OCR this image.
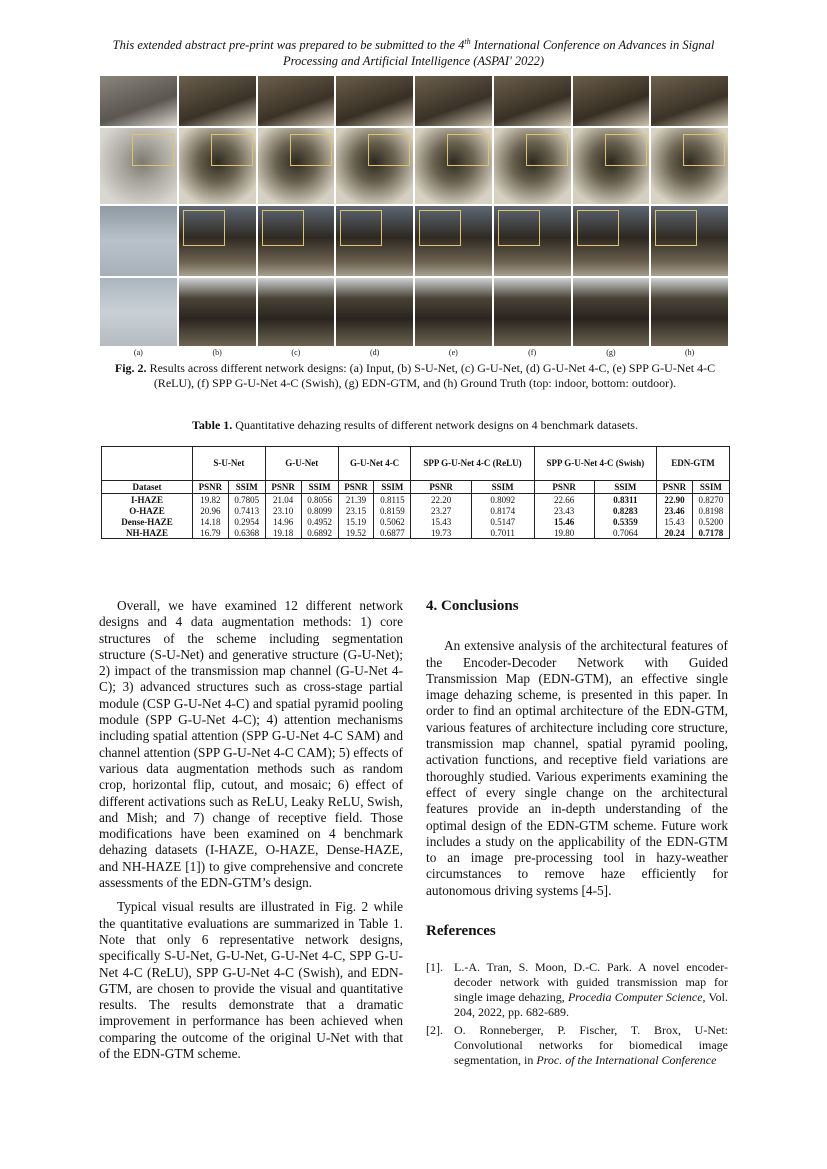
This extended abstract pre-print was prepared to be submitted to the 4th International Conference on Advances in Signal
Processing and Artificial Intelligence (ASPAI' 2022)
(a)	(b)	(c)	(d)	(e)	(f)	(g)	(h)
Fig. 2. Results across different network designs: (a) Input, (b) S-U-Net, (c) G-U-Net, (d) G-U-Net 4-C, (e) SPP G-U-Net 4-C (ReLU), (f) SPP G-U-Net 4-C (Swish), (g) EDN-GTM, and (h) Ground Truth (top: indoor, bottom: outdoor).
Table 1. Quantitative dehazing results of different network designs on 4 benchmark datasets.
	S-U-Net		G-U-Net		G-U-Net 4-C		SPP G-U-Net 4-C (ReLU)		SPP G-U-Net 4-C (Swish)		EDN-GTM	
Dataset	PSNR	SSIM	PSNR	SSIM	PSNR	SSIM	PSNR	SSIM	PSNR	SSIM	PSNR	SSIM
I-HAZE	19.82	0.7805	21.04	0.8056	21.39	0.8115	22.20	0.8092	22.66	0.8311	22.90	0.8270
O-HAZE	20.96	0.7413	23.10	0.8099	23.15	0.8159	23.27	0.8174	23.43	0.8283	23.46	0.8198
Dense-HAZE	14.18	0.2954	14.96	0.4952	15.19	0.5062	15.43	0.5147	15.46	0.5359	15.43	0.5200
NH-HAZE	16.79	0.6368	19.18	0.6892	19.52	0.6877	19.73	0.7011	19.80	0.7064	20.24	0.7178

Overall, we have examined 12 different network designs and 4 data augmentation methods: 1) core structures of the scheme including segmentation structure (S-U-Net) and generative structure (G-U-Net); 2) impact of the transmission map channel (G-U-Net 4-C); 3) advanced structures such as cross-stage partial module (CSP G-U-Net 4-C) and spatial pyramid pooling module (SPP G-U-Net 4-C); 4) attention mechanisms including spatial attention (SPP G-U-Net 4-C SAM) and channel attention (SPP G-U-Net 4-C CAM); 5) effects of various data augmentation methods such as random crop, horizontal flip, cutout, and mosaic; 6) effect of different activations such as ReLU, Leaky ReLU, Swish, and Mish; and 7) change of receptive field. Those modifications have been examined on 4 benchmark dehazing datasets (I-HAZE, O-HAZE, Dense-HAZE, and NH-HAZE [1]) to give comprehensive and concrete assessments of the EDN-GTM’s design.

Typical visual results are illustrated in Fig. 2 while the quantitative evaluations are summarized in Table 1. Note that only 6 representative network designs, specifically S-U-Net, G-U-Net, G-U-Net 4-C, SPP G-U-Net 4-C (ReLU), SPP G-U-Net 4-C (Swish), and EDN-GTM, are chosen to provide the visual and quantitative results. The results demonstrate that a dramatic improvement in performance has been achieved when comparing the outcome of the original U-Net with that of the EDN-GTM scheme.

4. Conclusions

An extensive analysis of the architectural features of the Encoder-Decoder Network with Guided Transmission Map (EDN-GTM), an effective single image dehazing scheme, is presented in this paper. In order to find an optimal architecture of the EDN-GTM, various features of architecture including core structure, transmission map channel, spatial pyramid pooling, activation functions, and receptive field variations are thoroughly studied. Various experiments examining the effect of every single change on the architectural features provide an in-depth understanding of the optimal design of the EDN-GTM scheme. Future work includes a study on the applicability of the EDN-GTM to an image pre-processing tool in hazy-weather circumstances to remove haze efficiently for autonomous driving systems [4-5].

References
[1]. L.-A. Tran, S. Moon, D.-C. Park. A novel encoder-decoder network with guided transmission map for single image dehazing, Procedia Computer Science, Vol. 204, 2022, pp. 682-689.
[2]. O. Ronneberger, P. Fischer, T. Brox, U-Net: Convolutional networks for biomedical image segmentation, in Proc. of the International Conference
